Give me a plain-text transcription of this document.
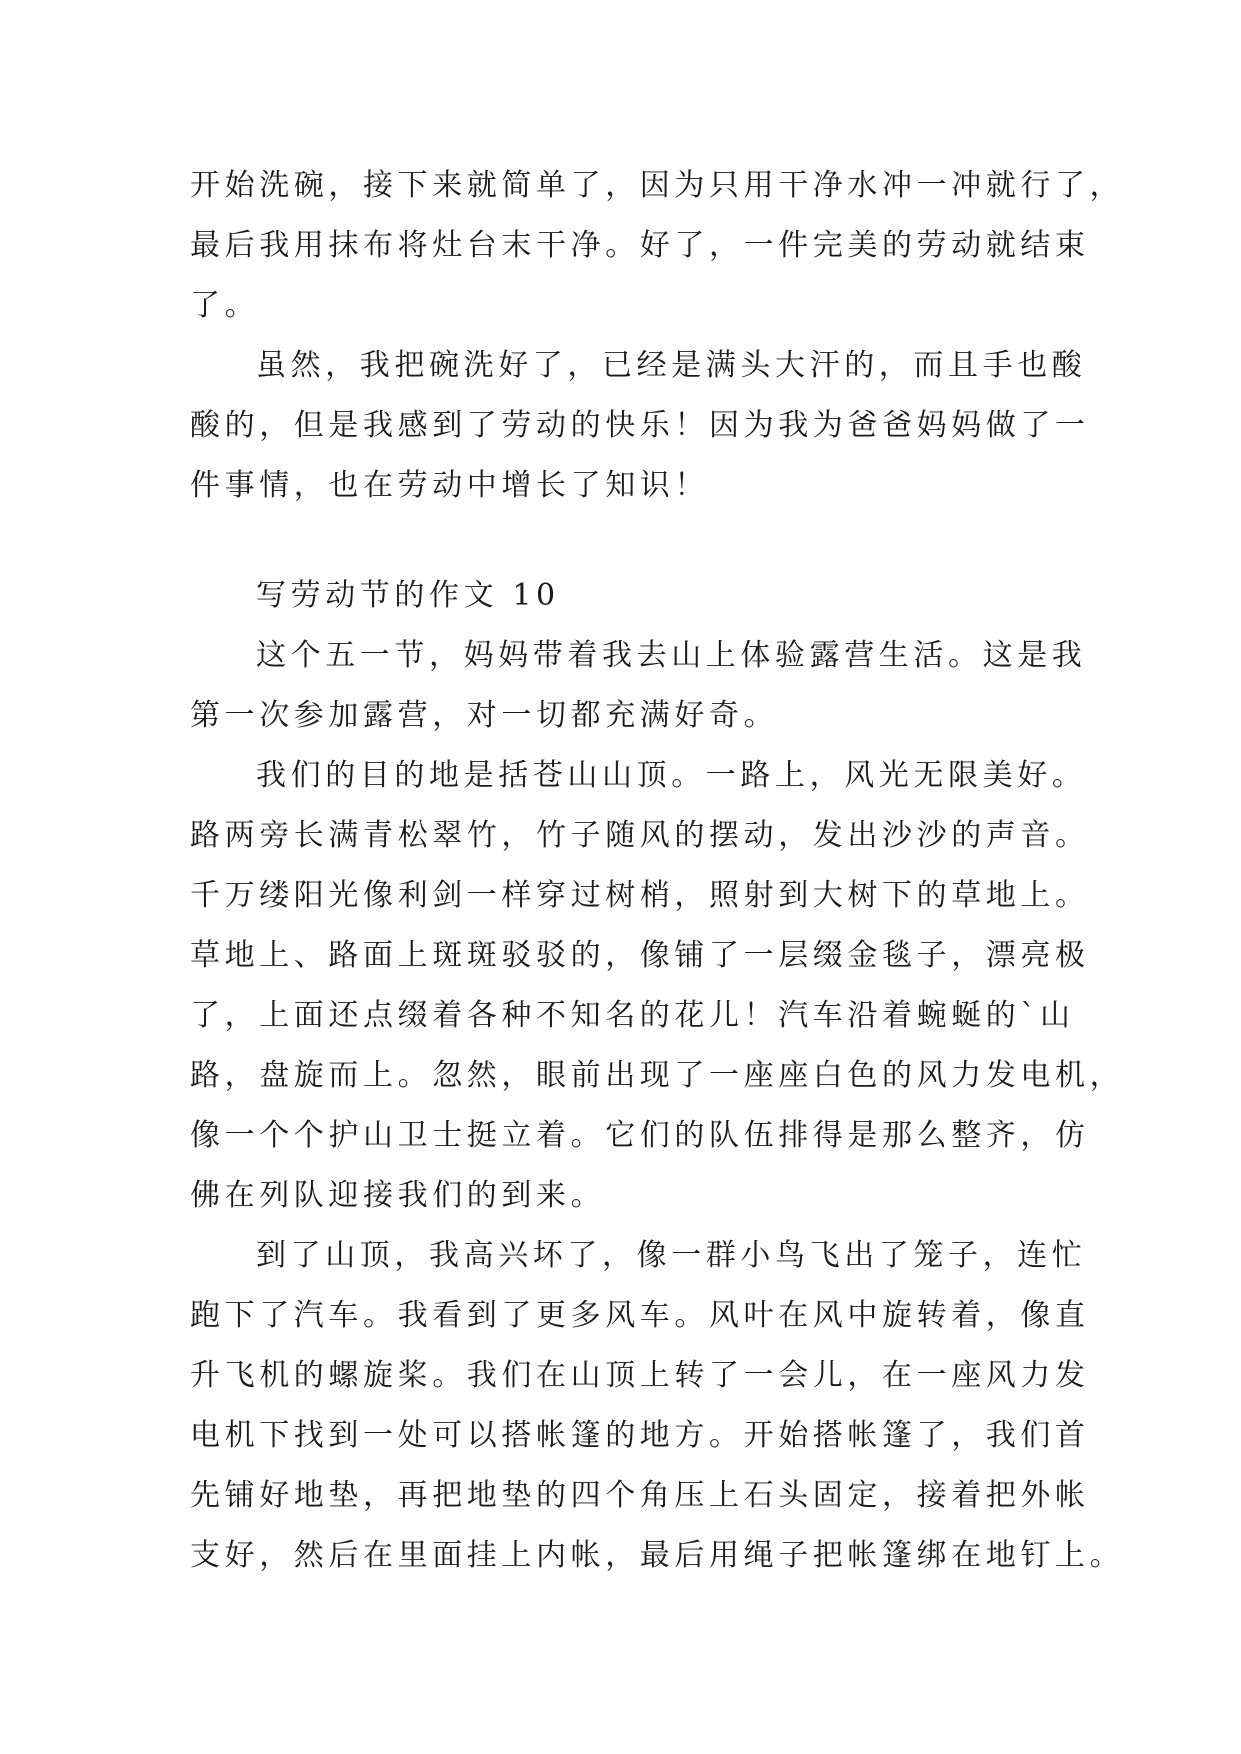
开始洗碗，接下来就简单了，因为只用干净水冲一冲就行了，
最后我用抹布将灶台末干净。好了，一件完美的劳动就结束
了。
虽然，我把碗洗好了，已经是满头大汗的，而且手也酸
酸的，但是我感到了劳动的快乐！因为我为爸爸妈妈做了一
件事情，也在劳动中增长了知识！
写劳动节的作文 10
这个五一节，妈妈带着我去山上体验露营生活。这是我
第一次参加露营，对一切都充满好奇。
我们的目的地是括苍山山顶。一路上，风光无限美好。
路两旁长满青松翠竹，竹子随风的摆动，发出沙沙的声音。
千万缕阳光像利剑一样穿过树梢，照射到大树下的草地上。
草地上、路面上斑斑驳驳的，像铺了一层缀金毯子，漂亮极
了，上面还点缀着各种不知名的花儿！汽车沿着蜿蜒的`山
路，盘旋而上。忽然，眼前出现了一座座白色的风力发电机，
像一个个护山卫士挺立着。它们的队伍排得是那么整齐，仿
佛在列队迎接我们的到来。
到了山顶，我高兴坏了，像一群小鸟飞出了笼子，连忙
跑下了汽车。我看到了更多风车。风叶在风中旋转着，像直
升飞机的螺旋桨。我们在山顶上转了一会儿，在一座风力发
电机下找到一处可以搭帐篷的地方。开始搭帐篷了，我们首
先铺好地垫，再把地垫的四个角压上石头固定，接着把外帐
支好，然后在里面挂上内帐，最后用绳子把帐篷绑在地钉上。
